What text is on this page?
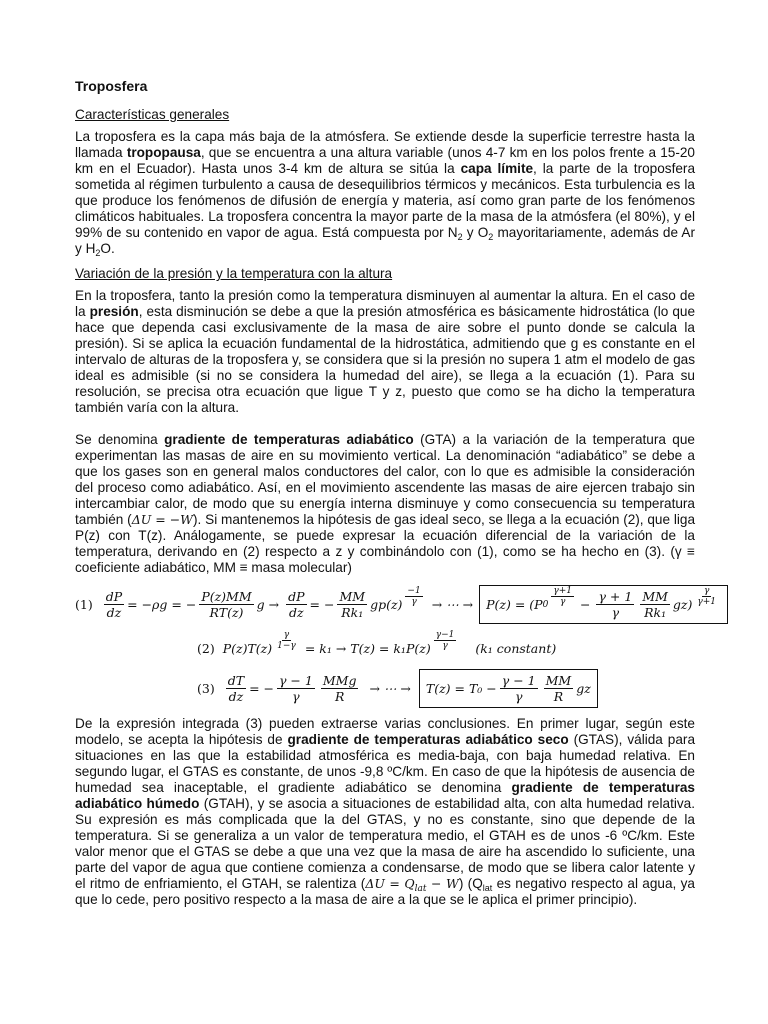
Troposfera
Características generales

La troposfera es la capa más baja de la atmósfera. Se extiende desde la superficie terrestre hasta la llamada tropopausa, que se encuentra a una altura variable (unos 4-7 km en los polos frente a 15-20 km en el Ecuador). Hasta unos 3-4 km de altura se sitúa la capa límite, la parte de la troposfera sometida al régimen turbulento a causa de desequilibrios térmicos y mecánicos. Esta turbulencia es la que produce los fenómenos de difusión de energía y materia, así como gran parte de los fenómenos climáticos habituales. La troposfera concentra la mayor parte de la masa de la atmósfera (el 80%), y el 99% de su contenido en vapor de agua. Está compuesta por $N_2$ y $O_2$ mayoritariamente, además de Ar y $H_2O$.

Variación de la presión y la temperatura con la altura

En la troposfera, tanto la presión como la temperatura disminuyen al aumentar la altura. En el caso de la presión, esta disminución se debe a que la presión atmosférica es básicamente hidrostática (lo que hace que dependa casi exclusivamente de la masa de aire sobre el punto donde se calcula la presión). Si se aplica la ecuación fundamental de la hidrostática, admitiendo que g es constante en el intervalo de alturas de la troposfera y, se considera que si la presión no supera 1 atm el modelo de gas ideal es admisible (si no se considera la humedad del aire), se llega a la ecuación (1). Para su resolución, se precisa otra ecuación que ligue T y z, puesto que como se ha dicho la temperatura también varía con la altura.

Se denomina gradiente de temperaturas adiabático (GTA) a la variación de la temperatura que experimentan las masas de aire en su movimiento vertical. La denominación “adiabático” se debe a que los gases son en general malos conductores del calor, con lo que es admisible la consideración del proceso como adiabático. Así, en el movimiento ascendente las masas de aire ejercen trabajo sin intercambiar calor, de modo que su energía interna disminuye y como consecuencia su temperatura también (ΔU = −W). Si mantenemos la hipótesis de gas ideal seco, se llega a la ecuación (2), que liga P(z) con T(z). Análogamente, se puede expresar la ecuación diferencial de la variación de la temperatura, derivando en (2) respecto a z y combinándolo con (1), como se ha hecho en (3). (γ ≡ coeficiente adiabático, MM ≡ masa molecular)

$(1) \frac{dP}{dz} = -\rho g$ = − $\frac{P(z)MM}{RT(z)}$ $g \to \frac{dP}{dz}$ = − $\frac{MM}{\text{Rk₁}} gp(z) \frac{-1}{\gamma}$ → ⋯ → P(z) = (P $0 \frac{\gamma+1}{\gamma} - \frac{\gamma + 1}{\gamma} \frac{MM}{\text{Rk₁}} gz) \frac{\gamma}{\gamma+1}$
(2) $P(z)T(z) \frac{\gamma}{1-\gamma} = k_1 \to T(z) = k_1P(z) \frac{\gamma-1}{\gamma} (k_1$ constant)
$(3) \frac{dT}{dz}$ = − $\frac{\gamma - 1}{\gamma} \frac{\text{MMg}}{R}$ → ⋯ → $T(z) = T_0 - \frac{\gamma - 1}{\gamma} \frac{MM}{R}$ gz

De la expresión integrada (3) pueden extraerse varias conclusiones. En primer lugar, según este modelo, se acepta la hipótesis de gradiente de temperaturas adiabático seco (GTAS), válida para situaciones en las que la estabilidad atmosférica es media-baja, con baja humedad relativa. En segundo lugar, el GTAS es constante, de unos -9,8 ºC/km. En caso de que la hipótesis de ausencia de humedad sea inaceptable, el gradiente adiabático se denomina gradiente de temperaturas adiabático húmedo (GTAH), y se asocia a situaciones de estabilidad alta, con alta humedad relativa. Su expresión es más complicada que la del GTAS, y no es constante, sino que depende de la temperatura. Si se generaliza a un valor de temperatura medio, el GTAH es de unos -6 ºC/km. Este valor menor que el GTAS se debe a que una vez que la masa de aire ha ascendido lo suficiente, una parte del vapor de agua que contiene comienza a condensarse, de modo que se libera calor latente y el ritmo de enfriamiento, el GTAH, se ralentiza $(\Delta U = Q_{lat} - W)$ ($Q_{lat}$ es negativo respecto al agua, ya que lo cede, pero positivo respecto a la masa de aire a la que se le aplica el primer principio).
